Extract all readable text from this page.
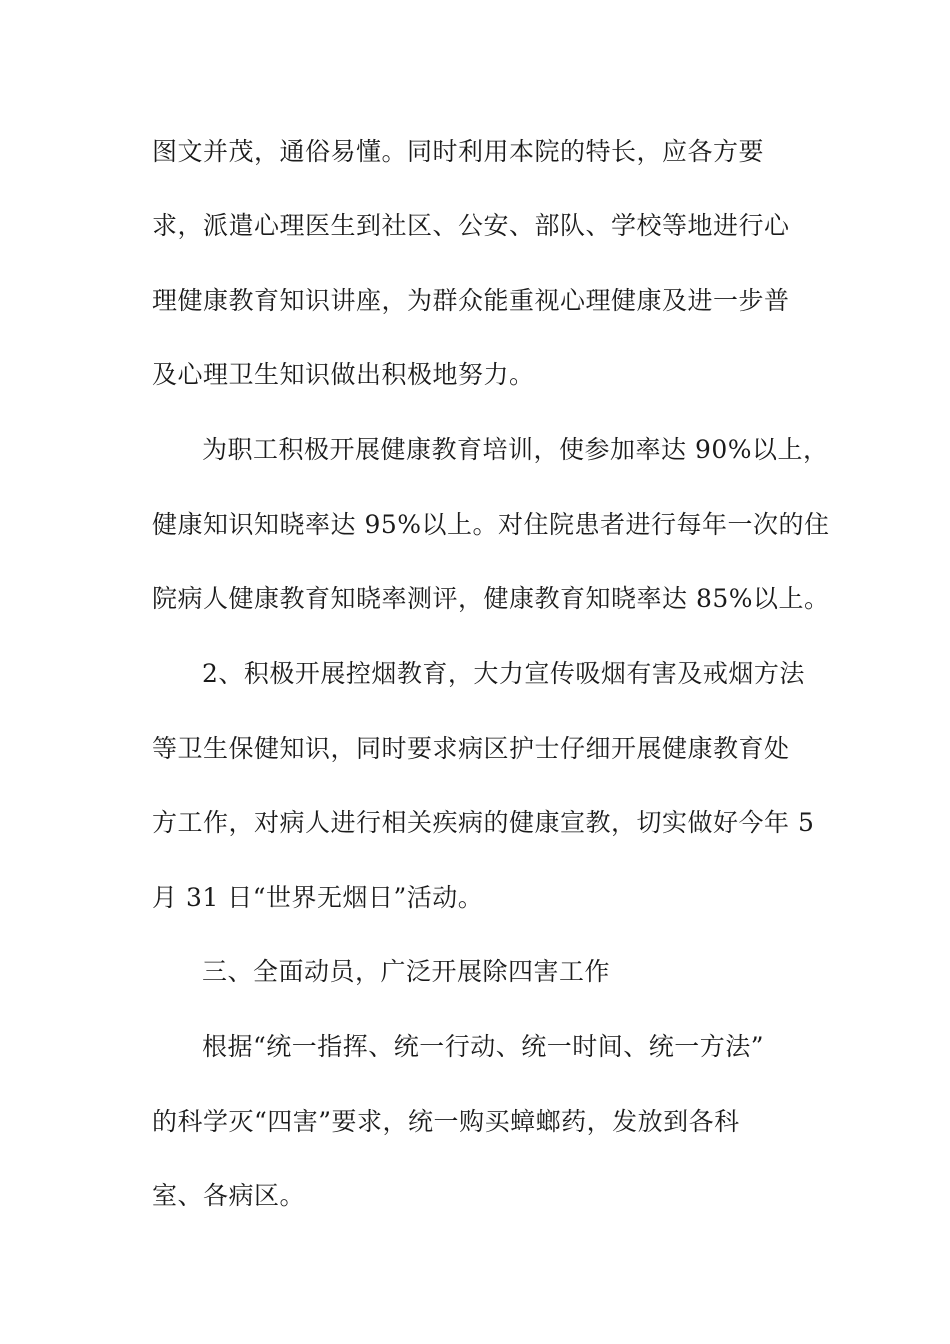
图文并茂，通俗易懂。同时利用本院的特长，应各方要
求，派遣心理医生到社区、公安、部队、学校等地进行心
理健康教育知识讲座，为群众能重视心理健康及进一步普
及心理卫生知识做出积极地努力。
为职工积极开展健康教育培训，使参加率达 90%以上，
健康知识知晓率达 95%以上。对住院患者进行每年一次的住
院病人健康教育知晓率测评，健康教育知晓率达 85%以上。
2、积极开展控烟教育，大力宣传吸烟有害及戒烟方法
等卫生保健知识，同时要求病区护士仔细开展健康教育处
方工作，对病人进行相关疾病的健康宣教，切实做好今年 5
月 31 日“世界无烟日”活动。
三、全面动员，广泛开展除四害工作
根据“统一指挥、统一行动、统一时间、统一方法”
的科学灭“四害”要求，统一购买蟑螂药，发放到各科
室、各病区。
